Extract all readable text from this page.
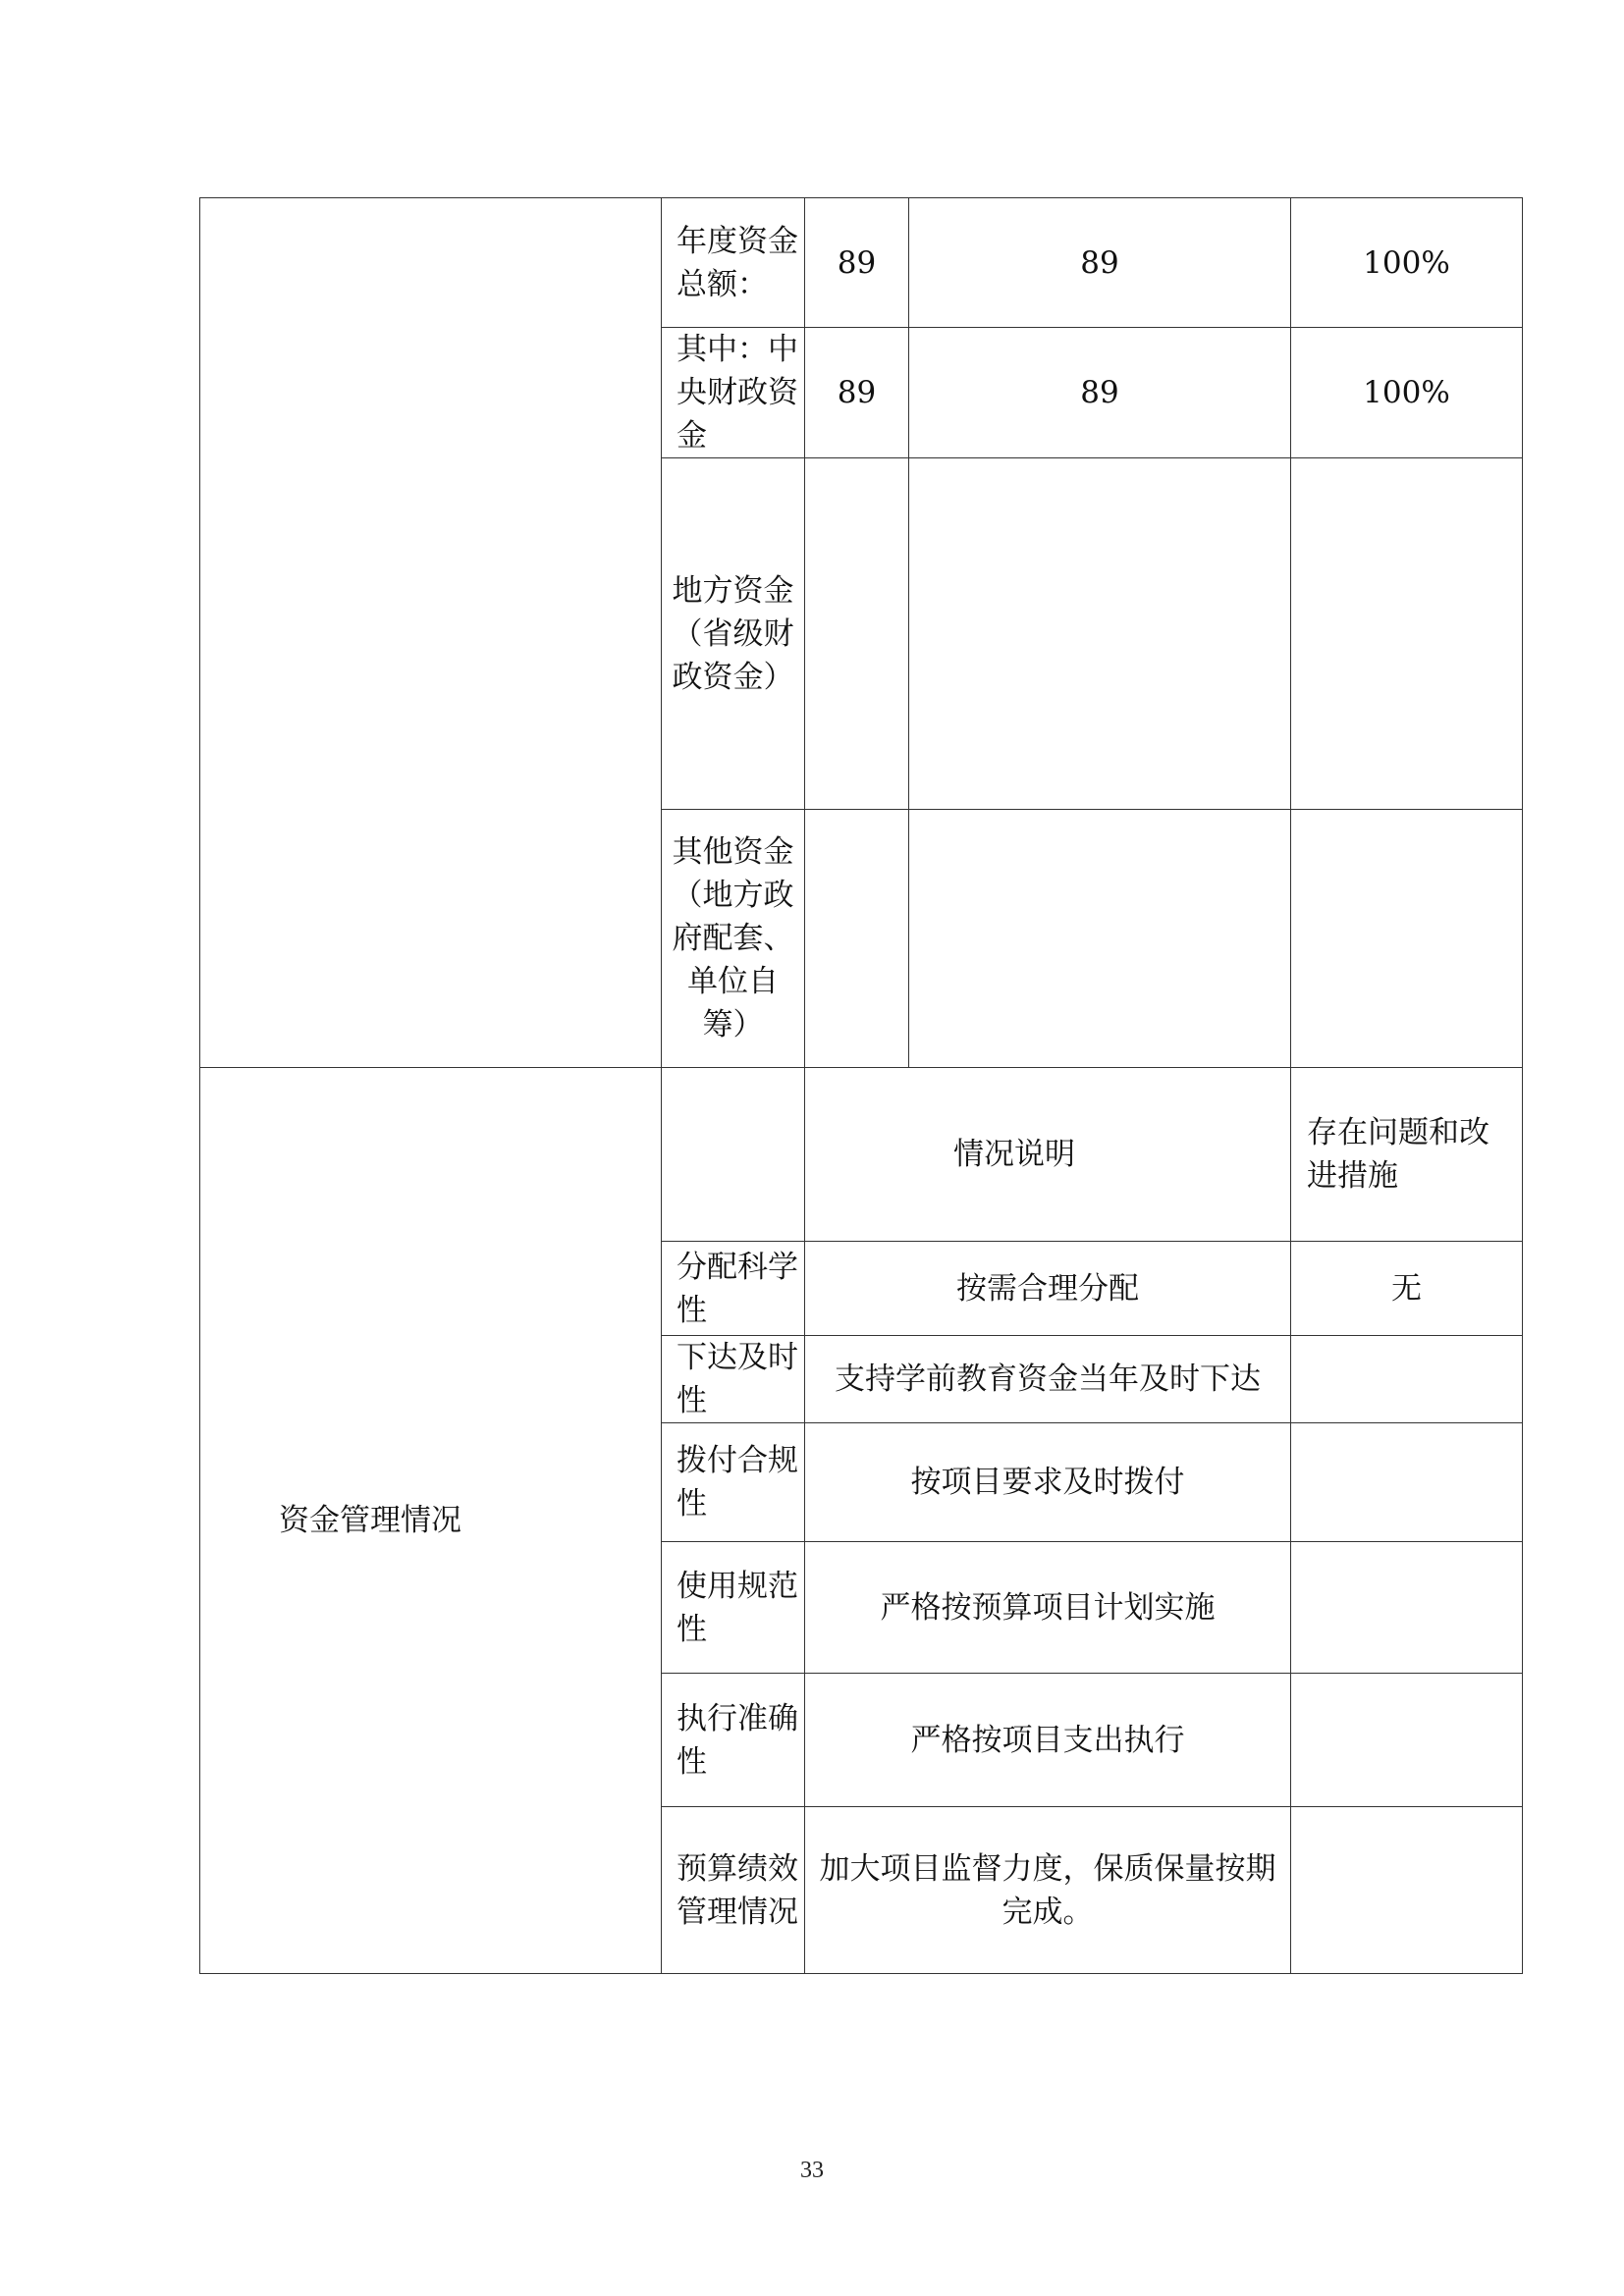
	年度资金总额：	89	89	100%
	其中：中央财政资金	89	89	100%
	地方资金（省级财政资金）			
	其他资金（地方政府配套、单位自筹）			
资金管理情况		情况说明		存在问题和改进措施
	分配科学性	按需合理分配		无
	下达及时性	支持学前教育资金当年及时下达		
	拨付合规性	按项目要求及时拨付		
	使用规范性	严格按预算项目计划实施		
	执行准确性	严格按项目支出执行		
	预算绩效管理情况	加大项目监督力度，保质保量按期完成。		
33
